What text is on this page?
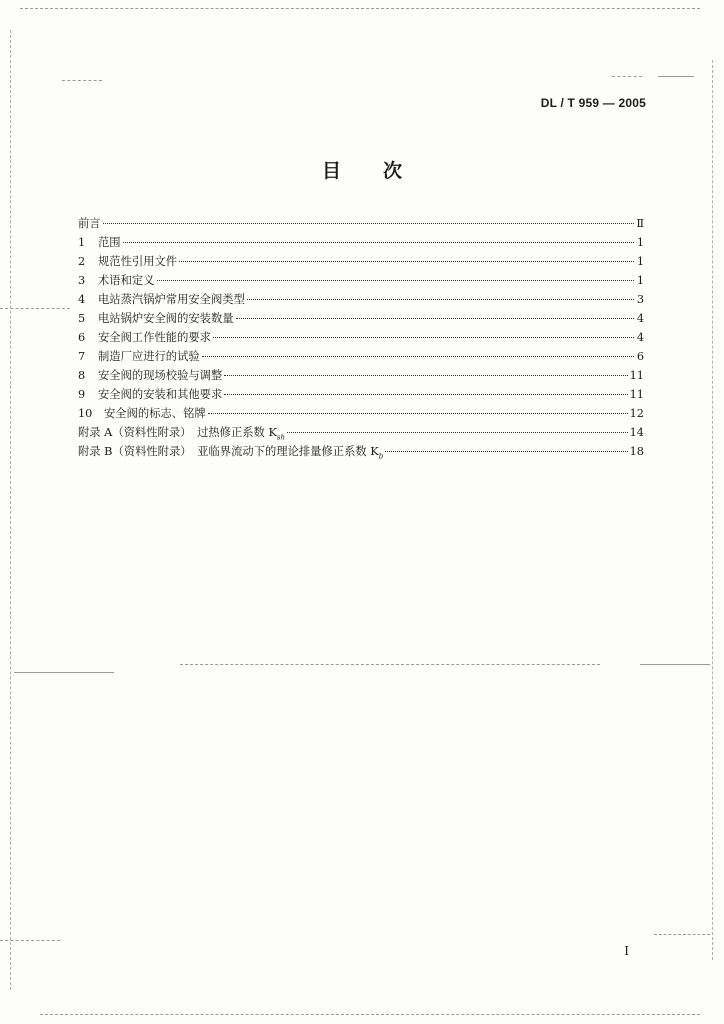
DL / T 959 — 2005
目 次
前言	Ⅱ
1	范围	1
2	规范性引用文件	1
3	术语和定义	1
4	电站蒸汽锅炉常用安全阀类型	3
5	电站锅炉安全阀的安装数量	4
6	安全阀工作性能的要求	4
7	制造厂应进行的试验	6
8	安全阀的现场校验与调整	11
9	安全阀的安装和其他要求	11
10	安全阀的标志、铭牌	12
附录 A（资料性附录）　过热修正系数 $K_{sh}$	14
附录 B（资料性附录）　亚临界流动下的理论排量修正系数 $K_b$	18
I
